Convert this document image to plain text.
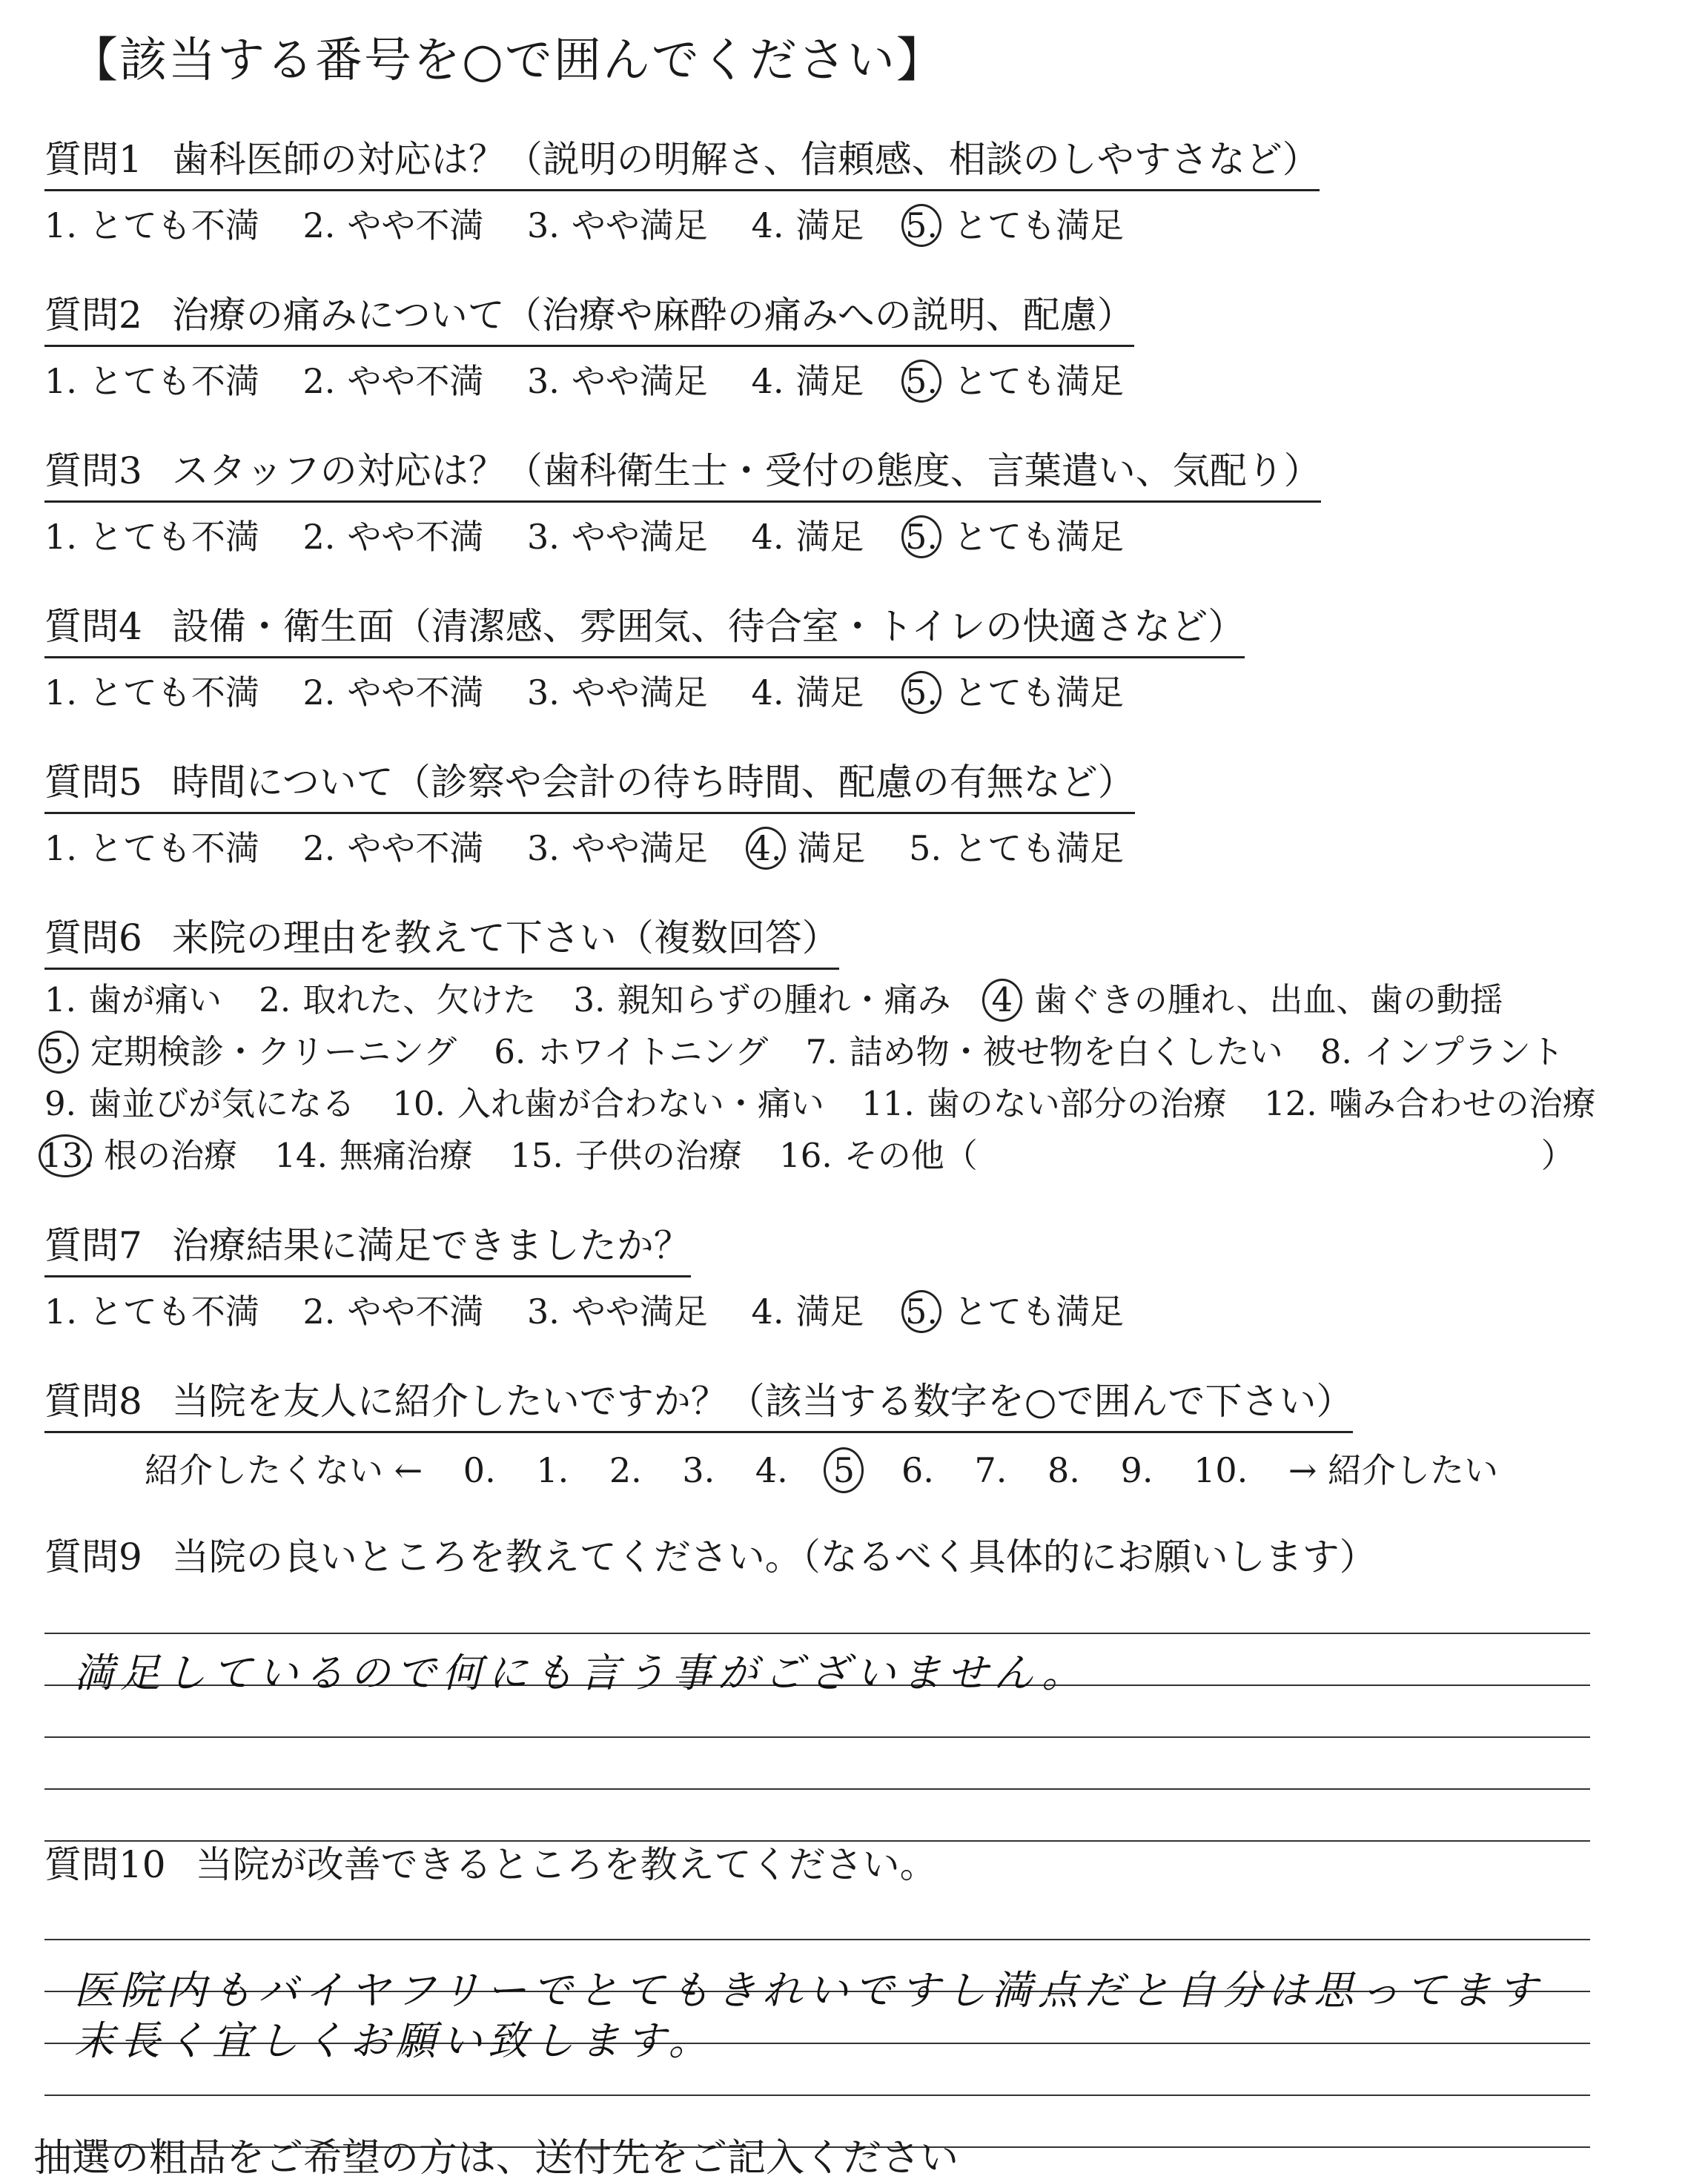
【該当する番号を○で囲んでください】
質問1 歯科医師の対応は？（説明の明解さ、信頼感、相談のしやすさなど）
1. とても不満 2. やや不満 3. やや満足 4. 満足 5. とても満足
質問2 治療の痛みについて（治療や麻酔の痛みへの説明、配慮）
1. とても不満 2. やや不満 3. やや満足 4. 満足 5. とても満足
質問3 スタッフの対応は？（歯科衛生士・受付の態度、言葉遣い、気配り）
1. とても不満 2. やや不満 3. やや満足 4. 満足 5. とても満足
質問4 設備・衛生面（清潔感、雰囲気、待合室・トイレの快適さなど）
1. とても不満 2. やや不満 3. やや満足 4. 満足 5. とても満足
質問5 時間について（診察や会計の待ち時間、配慮の有無など）
1. とても不満 2. やや不満 3. やや満足 4. 満足 5. とても満足
質問6 来院の理由を教えて下さい（複数回答）
1. 歯が痛い 2. 取れた、欠けた 3. 親知らずの腫れ・痛み 4 歯ぐきの腫れ、出血、歯の動揺
5. 定期検診・クリーニング 6. ホワイトニング 7. 詰め物・被せ物を白くしたい 8. インプラント
9. 歯並びが気になる 10. 入れ歯が合わない・痛い 11. 歯のない部分の治療 12. 噛み合わせの治療
13. 根の治療 14. 無痛治療 15. 子供の治療 16. その他（	）
質問7 治療結果に満足できましたか？
1. とても不満 2. やや不満 3. やや満足 4. 満足 5. とても満足
質問8 当院を友人に紹介したいですか？（該当する数字を○で囲んで下さい）
紹介したくない ← 0. 1. 2. 3. 4. 5 6. 7. 8. 9. 10. → 紹介したい
質問9 当院の良いところを教えてください。（なるべく具体的にお願いします）
満足しているので何にも言う事がございません。
質問10 当院が改善できるところを教えてください。
医院内もバイヤフリーでとてもきれいですし満点だと自分は思ってます
末長く宜しくお願い致します。
抽選の粗品をご希望の方は、送付先をご記入ください
